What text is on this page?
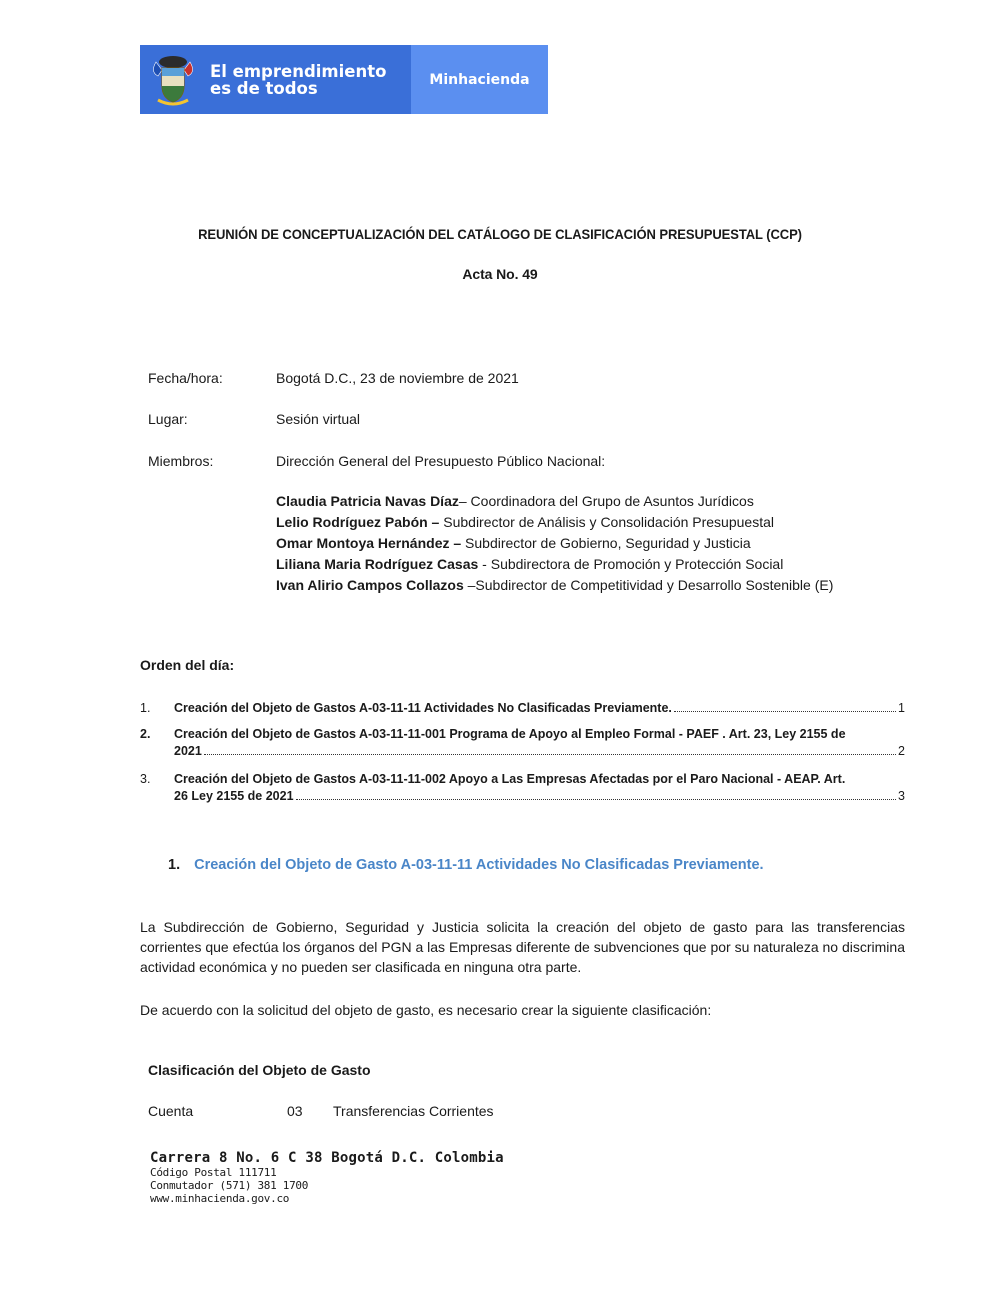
El emprendimiento
es de todos	Minhacienda
REUNIÓN DE CONCEPTUALIZACIÓN DEL CATÁLOGO DE CLASIFICACIÓN PRESUPUESTAL (CCP)
Acta No. 49
Fecha/hora:	Bogotá D.C., 23 de noviembre de 2021
Lugar:	Sesión virtual
Miembros:	Dirección General del Presupuesto Público Nacional:
Claudia Patricia Navas Díaz– Coordinadora del Grupo de Asuntos Jurídicos
Lelio Rodríguez Pabón – Subdirector de Análisis y Consolidación Presupuestal
Omar Montoya Hernández – Subdirector de Gobierno, Seguridad y Justicia
Liliana Maria Rodríguez Casas - Subdirectora de Promoción y Protección Social
Ivan Alirio Campos Collazos –Subdirector de Competitividad y Desarrollo Sostenible (E)
Orden del día:
1. Creación del Objeto de Gastos A-03-11-11 Actividades No Clasificadas Previamente.	1
2. Creación del Objeto de Gastos A-03-11-11-001 Programa de Apoyo al Empleo Formal - PAEF . Art. 23, Ley 2155 de
2021	2
3. Creación del Objeto de Gastos A-03-11-11-002 Apoyo a Las Empresas Afectadas por el Paro Nacional - AEAP. Art.
26 Ley 2155 de 2021	3
1. Creación del Objeto de Gasto A-03-11-11 Actividades No Clasificadas Previamente.
La Subdirección de Gobierno, Seguridad y Justicia solicita la creación del objeto de gasto para las transferencias corrientes que efectúa los órganos del PGN a las Empresas diferente de subvenciones que por su naturaleza no discrimina actividad económica y no pueden ser clasificada en ninguna otra parte.
De acuerdo con la solicitud del objeto de gasto, es necesario crear la siguiente clasificación:
Clasificación del Objeto de Gasto
Cuenta	03 Transferencias Corrientes
Carrera 8 No. 6 C 38 Bogotá D.C. Colombia
Código Postal 111711
Conmutador (571) 381 1700
www.minhacienda.gov.co
